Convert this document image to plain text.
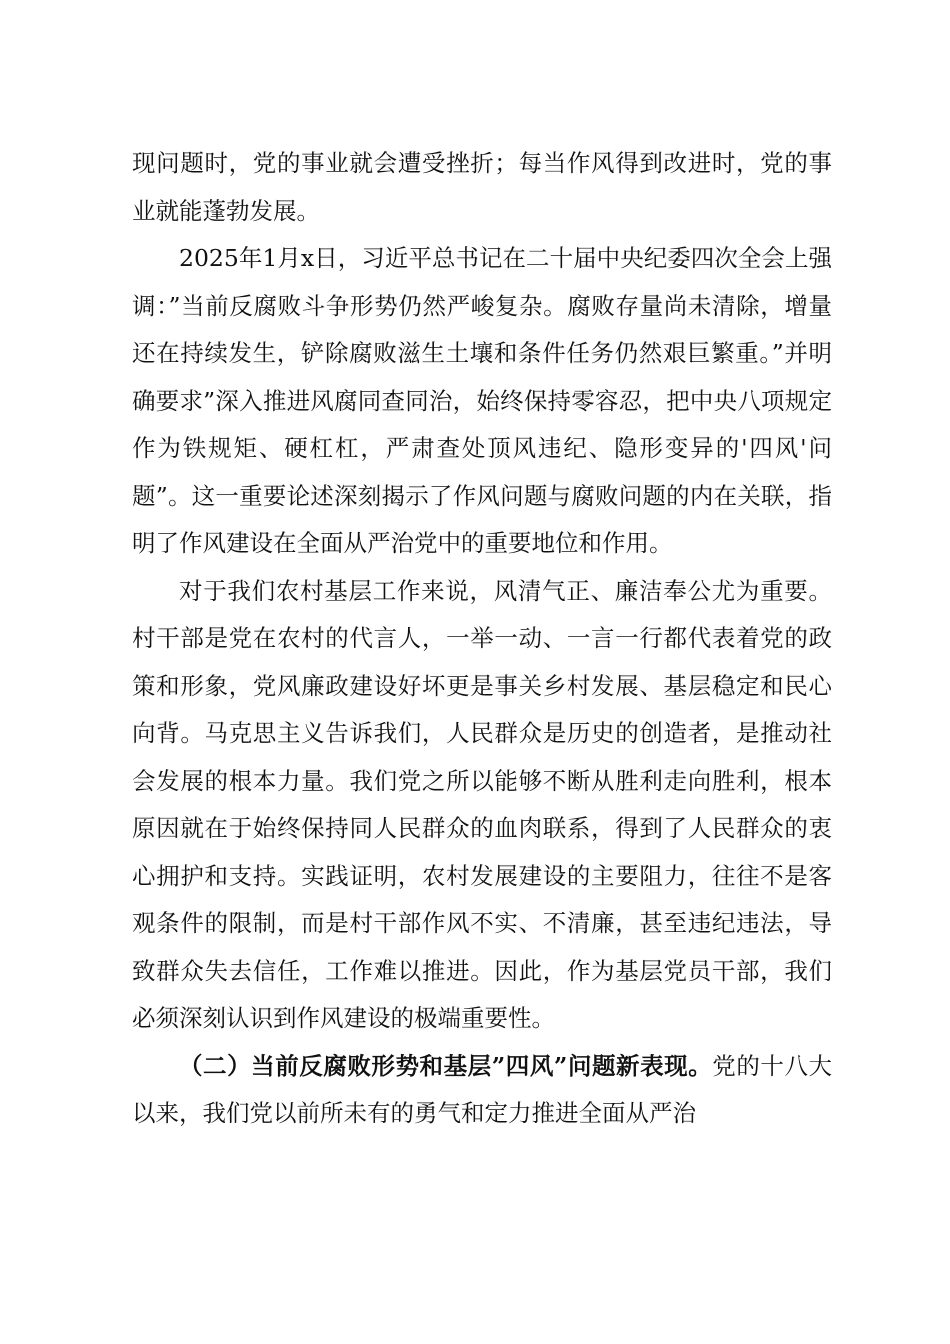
现问题时，党的事业就会遭受挫折；每当作风得到改进时，党的事业就能蓬勃发展。

2025年1月x日，习近平总书记在二十届中央纪委四次全会上强调：”当前反腐败斗争形势仍然严峻复杂。腐败存量尚未清除，增量还在持续发生，铲除腐败滋生土壤和条件任务仍然艰巨繁重。”并明确要求”深入推进风腐同查同治，始终保持零容忍，把中央八项规定作为铁规矩、硬杠杠，严肃查处顶风违纪、隐形变异的'四风'问题”。这一重要论述深刻揭示了作风问题与腐败问题的内在关联，指明了作风建设在全面从严治党中的重要地位和作用。

对于我们农村基层工作来说，风清气正、廉洁奉公尤为重要。村干部是党在农村的代言人，一举一动、一言一行都代表着党的政策和形象，党风廉政建设好坏更是事关乡村发展、基层稳定和民心向背。马克思主义告诉我们，人民群众是历史的创造者，是推动社会发展的根本力量。我们党之所以能够不断从胜利走向胜利，根本原因就在于始终保持同人民群众的血肉联系，得到了人民群众的衷心拥护和支持。实践证明，农村发展建设的主要阻力，往往不是客观条件的限制，而是村干部作风不实、不清廉，甚至违纪违法，导致群众失去信任，工作难以推进。因此，作为基层党员干部，我们必须深刻认识到作风建设的极端重要性。

（二）当前反腐败形势和基层”四风”问题新表现。党的十八大以来，我们党以前所未有的勇气和定力推进全面从严治
